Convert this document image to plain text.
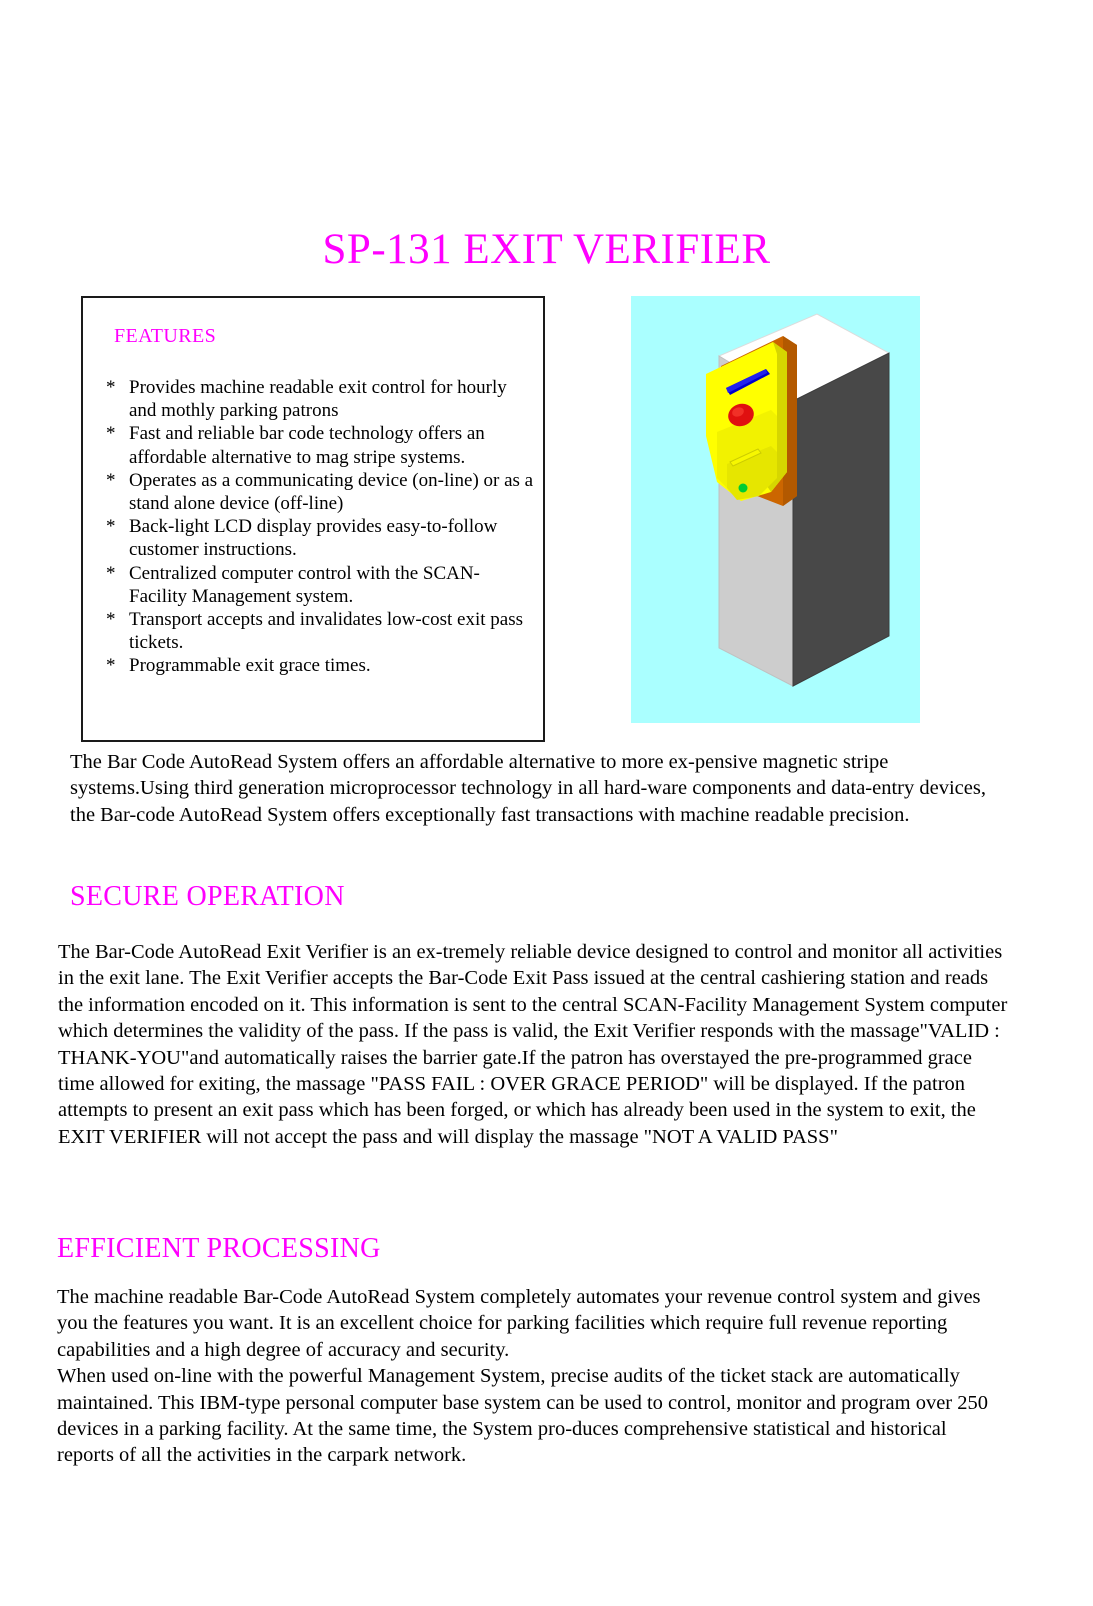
SP-131 EXIT VERIFIER
FEATURES
* Provides machine readable exit control for hourly and mothly parking patrons
* Fast and reliable bar code technology offers an affordable alternative to mag stripe systems.
* Operates as a communicating device (on-line) or as a stand alone device (off-line)
* Back-light LCD display provides easy-to-follow customer instructions.
* Centralized computer control with the SCAN-Facility Management system.
* Transport accepts and invalidates low-cost exit pass tickets.
* Programmable exit grace times.
The Bar Code AutoRead System offers an affordable alternative to more ex-pensive magnetic stripe systems.Using third generation microprocessor technology in all hard-ware components and data-entry devices, the Bar-code AutoRead System offers exceptionally fast transactions with machine readable precision.
SECURE OPERATION
The Bar-Code AutoRead Exit Verifier is an ex-tremely reliable device designed to control and monitor all activities in the exit lane. The Exit Verifier accepts the Bar-Code Exit Pass issued at the central cashiering station and reads the information encoded on it. This information is sent to the central SCAN-Facility Management System computer which determines the validity of the pass. If the pass is valid, the Exit Verifier responds with the massage"VALID : THANK-YOU"and automatically raises the barrier gate.If the patron has overstayed the pre-programmed grace time allowed for exiting, the massage "PASS FAIL : OVER GRACE PERIOD" will be displayed. If the patron attempts to present an exit pass which has been forged, or which has already been used in the system to exit, the EXIT VERIFIER will not accept the pass and will display the massage "NOT A VALID PASS"
EFFICIENT PROCESSING

The machine readable Bar-Code AutoRead System completely automates your revenue control system and gives you the features you want. It is an excellent choice for parking facilities which require full revenue reporting capabilities and a high degree of accuracy and security.

When used on-line with the powerful Management System, precise audits of the ticket stack are automatically maintained. This IBM-type personal computer base system can be used to control, monitor and program over 250 devices in a parking facility. At the same time, the System pro-duces comprehensive statistical and historical reports of all the activities in the carpark network.
